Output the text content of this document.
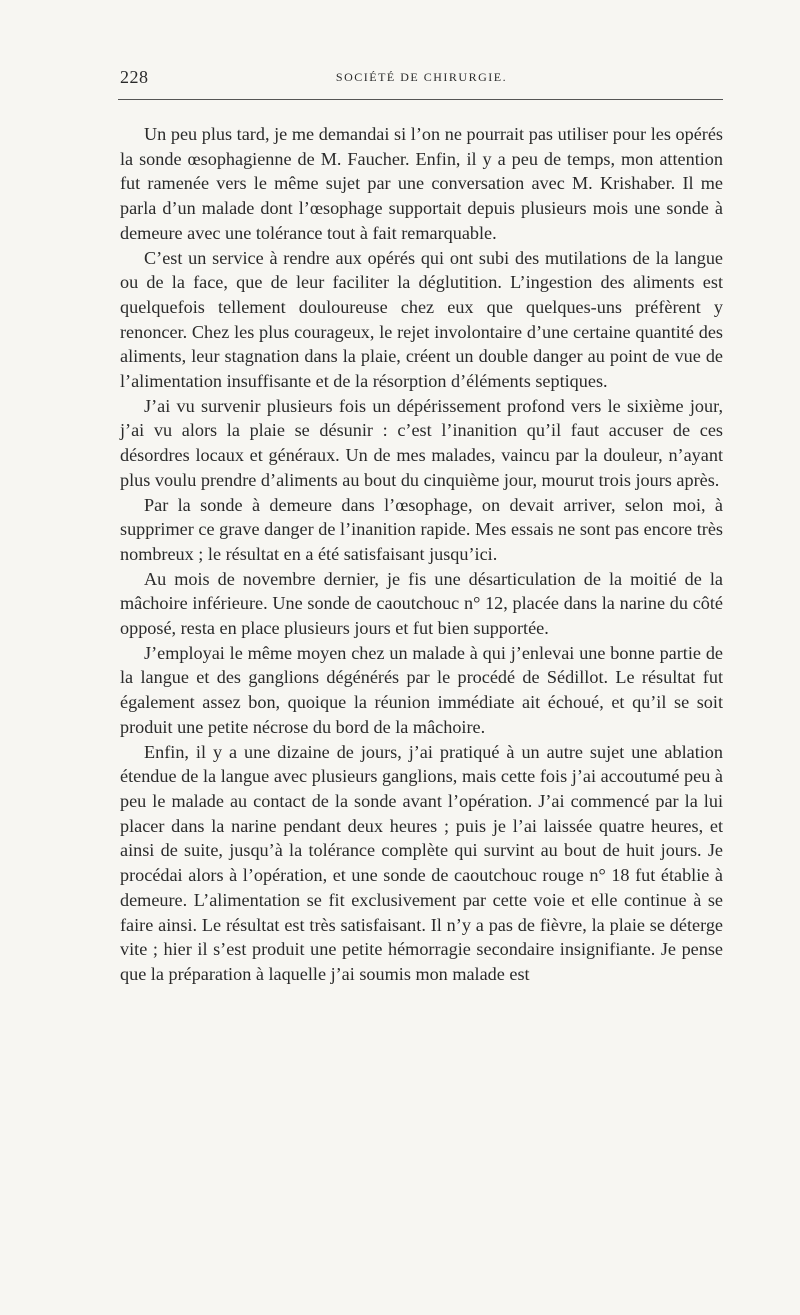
228	SOCIÉTÉ DE CHIRURGIE.

Un peu plus tard, je me demandai si l’on ne pourrait pas utiliser pour les opérés la sonde œsophagienne de M. Faucher. Enfin, il y a peu de temps, mon attention fut ramenée vers le même sujet par une conversation avec M. Krishaber. Il me parla d’un malade dont l’œsophage supportait depuis plusieurs mois une sonde à demeure avec une tolérance tout à fait remarquable.

C’est un service à rendre aux opérés qui ont subi des mutilations de la langue ou de la face, que de leur faciliter la déglutition. L’ingestion des aliments est quelquefois tellement douloureuse chez eux que quelques-uns préfèrent y renoncer. Chez les plus courageux, le rejet involontaire d’une certaine quantité des aliments, leur stagnation dans la plaie, créent un double danger au point de vue de l’alimentation insuffisante et de la résorption d’éléments septiques.

J’ai vu survenir plusieurs fois un dépérissement profond vers le sixième jour, j’ai vu alors la plaie se désunir : c’est l’inanition qu’il faut accuser de ces désordres locaux et généraux. Un de mes malades, vaincu par la douleur, n’ayant plus voulu prendre d’aliments au bout du cinquième jour, mourut trois jours après.

Par la sonde à demeure dans l’œsophage, on devait arriver, selon moi, à supprimer ce grave danger de l’inanition rapide. Mes essais ne sont pas encore très nombreux ; le résultat en a été satisfaisant jusqu’ici.

Au mois de novembre dernier, je fis une désarticulation de la moitié de la mâchoire inférieure. Une sonde de caoutchouc n° 12, placée dans la narine du côté opposé, resta en place plusieurs jours et fut bien supportée.

J’employai le même moyen chez un malade à qui j’enlevai une bonne partie de la langue et des ganglions dégénérés par le procédé de Sédillot. Le résultat fut également assez bon, quoique la réunion immédiate ait échoué, et qu’il se soit produit une petite nécrose du bord de la mâchoire.

Enfin, il y a une dizaine de jours, j’ai pratiqué à un autre sujet une ablation étendue de la langue avec plusieurs ganglions, mais cette fois j’ai accoutumé peu à peu le malade au contact de la sonde avant l’opération. J’ai commencé par la lui placer dans la narine pendant deux heures ; puis je l’ai laissée quatre heures, et ainsi de suite, jusqu’à la tolérance complète qui survint au bout de huit jours. Je procédai alors à l’opération, et une sonde de caoutchouc rouge n° 18 fut établie à demeure. L’alimentation se fit exclusivement par cette voie et elle continue à se faire ainsi. Le résultat est très satisfaisant. Il n’y a pas de fièvre, la plaie se déterge vite ; hier il s’est produit une petite hémorragie secondaire insignifiante. Je pense que la préparation à laquelle j’ai soumis mon malade est
